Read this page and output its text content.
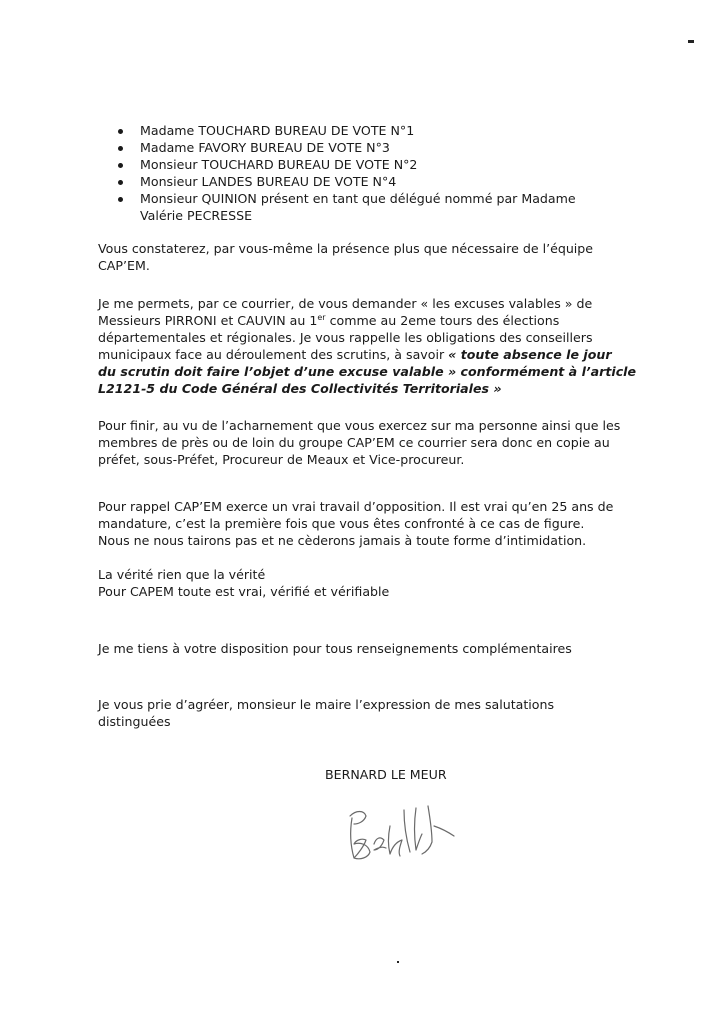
Madame TOUCHARD BUREAU DE VOTE N°1
Madame FAVORY BUREAU DE VOTE N°3
Monsieur TOUCHARD BUREAU DE VOTE N°2
Monsieur LANDES BUREAU DE VOTE N°4
Monsieur QUINION présent en tant que délégué nommé par Madame
Valérie PECRESSE

Vous constaterez, par vous-même la présence plus que nécessaire de l’équipe
CAP’EM.

Je me permets, par ce courrier, de vous demander « les excuses valables » de
Messieurs PIRRONI et CAUVIN au 1er comme au 2eme tours des élections
départementales et régionales. Je vous rappelle les obligations des conseillers
municipaux face au déroulement des scrutins, à savoir « toute absence le jour
du scrutin doit faire l’objet d’une excuse valable » conformément à l’article
L2121-5 du Code Général des Collectivités Territoriales »

Pour finir, au vu de l’acharnement que vous exercez sur ma personne ainsi que les
membres de près ou de loin du groupe CAP’EM ce courrier sera donc en copie au
préfet, sous-Préfet, Procureur de Meaux et Vice-procureur.

Pour rappel CAP’EM exerce un vrai travail d’opposition. Il est vrai qu’en 25 ans de
mandature, c’est la première fois que vous êtes confronté à ce cas de figure.
Nous ne nous tairons pas et ne cèderons jamais à toute forme d’intimidation.

La vérité rien que la vérité
Pour CAPEM toute est vrai, vérifié et vérifiable

Je me tiens à votre disposition pour tous renseignements complémentaires

Je vous prie d’agréer, monsieur le maire l’expression de mes salutations
distinguées

BERNARD LE MEUR
